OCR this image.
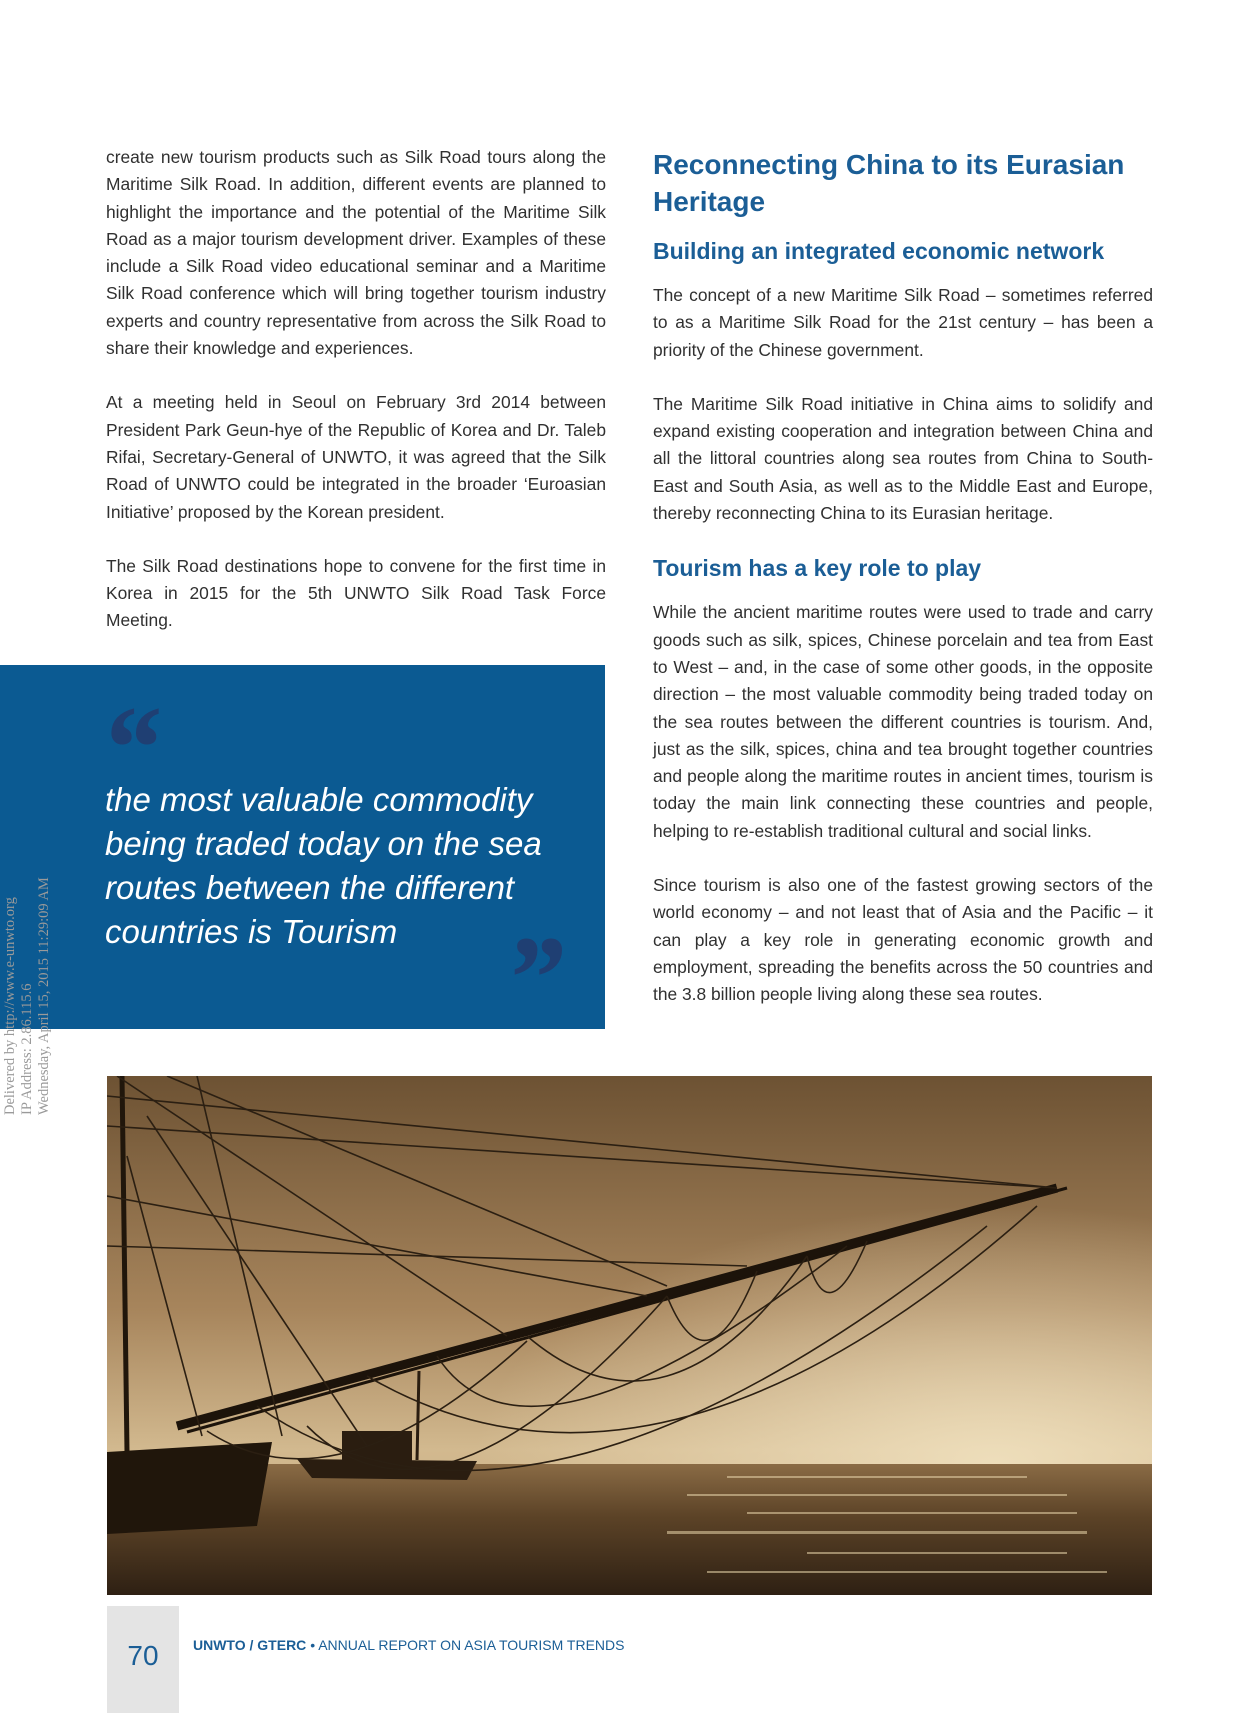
create new tourism products such as Silk Road tours along the Maritime Silk Road. In addition, different events are planned to highlight the importance and the potential of the Maritime Silk Road as a major tourism development driver. Examples of these include a Silk Road video educational seminar and a Maritime Silk Road conference which will bring together tourism industry experts and country representative from across the Silk Road to share their knowledge and experiences.

At a meeting held in Seoul on February 3rd 2014 between President Park Geun-hye of the Republic of Korea and Dr. Taleb Rifai, Secretary-General of UNWTO, it was agreed that the Silk Road of UNWTO could be integrated in the broader ‘Euroasian Initiative’ proposed by the Korean president.

The Silk Road destinations hope to convene for the first time in Korea in 2015 for the 5th UNWTO Silk Road Task Force Meeting.

“
the most valuable commodity being traded today on the sea routes between the different countries is Tourism ”
Reconnecting China to its Eurasian Heritage
Building an integrated economic network

The concept of a new Maritime Silk Road – sometimes referred to as a Maritime Silk Road for the 21st century – has been a priority of the Chinese government.

The Maritime Silk Road initiative in China aims to solidify and expand existing cooperation and integration between China and all the littoral countries along sea routes from China to South- East and South Asia, as well as to the Middle East and Europe, thereby reconnecting China to its Eurasian heritage.

Tourism has a key role to play

While the ancient maritime routes were used to trade and carry goods such as silk, spices, Chinese porcelain and tea from East to West – and, in the case of some other goods, in the opposite direction – the most valuable commodity being traded today on the sea routes between the different countries is tourism. And, just as the silk, spices, china and tea brought together countries and people along the maritime routes in ancient times, tourism is today the main link connecting these countries and people, helping to re-establish traditional cultural and social links.

Since tourism is also one of the fastest growing sectors of the world economy – and not least that of Asia and the Pacific – it can play a key role in generating economic growth and employment, spreading the benefits across the 50 countries and the 3.8 billion people living along these sea routes.

Delivered by http://www.e-unwto.org IP Address: 2.86.115.6 Wednesday, April 15, 2015 11:29:09 AM
70	UNWTO / GTERC • ANNUAL REPORT ON ASIA TOURISM TRENDS
